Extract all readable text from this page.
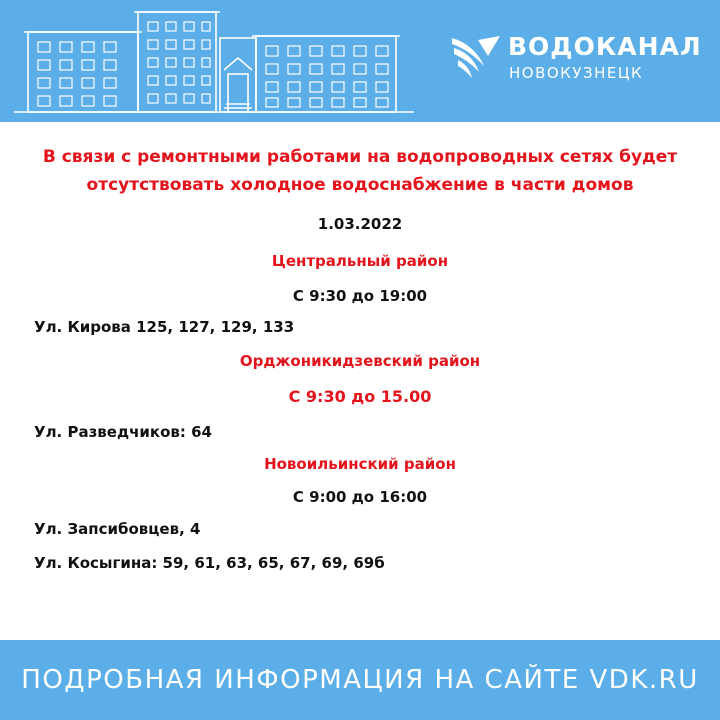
ВОДОКАНАЛ
НОВОКУЗНЕЦК
В связи с ремонтными работами на водопроводных сетях будет
отсутствовать холодное водоснабжение в части домов
1.03.2022
Центральный район
С 9:30 до 19:00
Ул. Кирова 125, 127, 129, 133
Орджоникидзевский район
С 9:30 до 15.00
Ул. Разведчиков: 64
Новоильинский район
С 9:00 до 16:00
Ул. Запсибовцев, 4
Ул. Косыгина: 59, 61, 63, 65, 67, 69, 69б
ПОДРОБНАЯ ИНФОРМАЦИЯ НА САЙТЕ VDK.RU
